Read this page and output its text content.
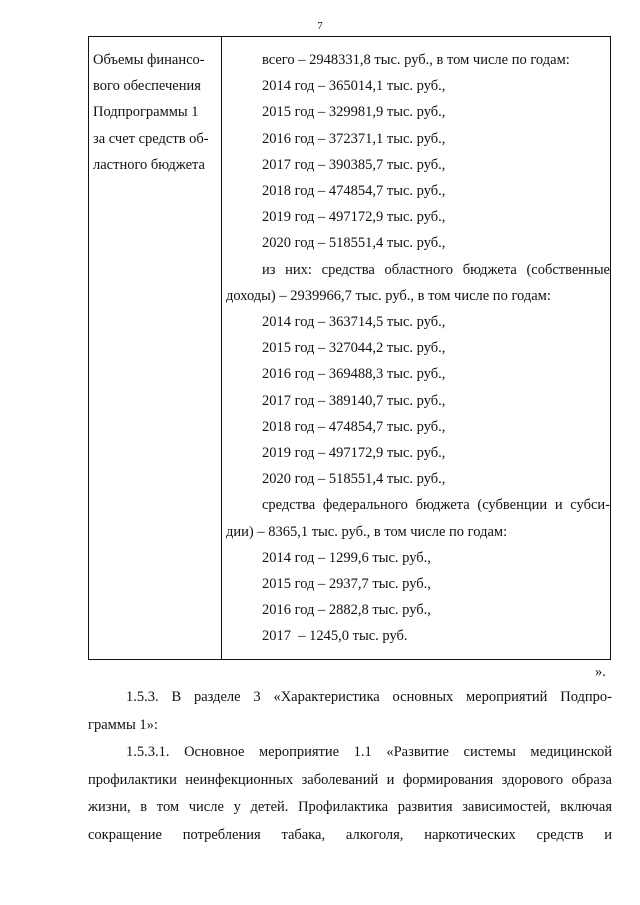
7
Объемы финансо-
вого обеспечения
Подпрограммы 1
за счет средств об-
ластного бюджета
всего – 2948331,8 тыс. руб., в том числе по годам:
2014 год – 365014,1 тыс. руб.,
2015 год – 329981,9 тыс. руб.,
2016 год – 372371,1 тыс. руб.,
2017 год – 390385,7 тыс. руб.,
2018 год – 474854,7 тыс. руб.,
2019 год – 497172,9 тыс. руб.,
2020 год – 518551,4 тыс. руб.,
из них: средства областного бюджета (собственные
доходы) – 2939966,7 тыс. руб., в том числе по годам:
2014 год – 363714,5 тыс. руб.,
2015 год – 327044,2 тыс. руб.,
2016 год – 369488,3 тыс. руб.,
2017 год – 389140,7 тыс. руб.,
2018 год – 474854,7 тыс. руб.,
2019 год – 497172,9 тыс. руб.,
2020 год – 518551,4 тыс. руб.,
средства федерального бюджета (субвенции и субси-
дии) – 8365,1 тыс. руб., в том числе по годам:
2014 год – 1299,6 тыс. руб.,
2015 год – 2937,7 тыс. руб.,
2016 год – 2882,8 тыс. руб.,
2017  – 1245,0 тыс. руб.
».
1.5.3. В разделе 3 «Характеристика основных мероприятий Подпро-
граммы 1»:
1.5.3.1. Основное мероприятие 1.1 «Развитие системы медицинской
профилактики неинфекционных заболеваний и формирования здорового образа
жизни, в том числе у детей. Профилактика развития зависимостей, включая
сокращение потребления табака, алкоголя, наркотических средств и
